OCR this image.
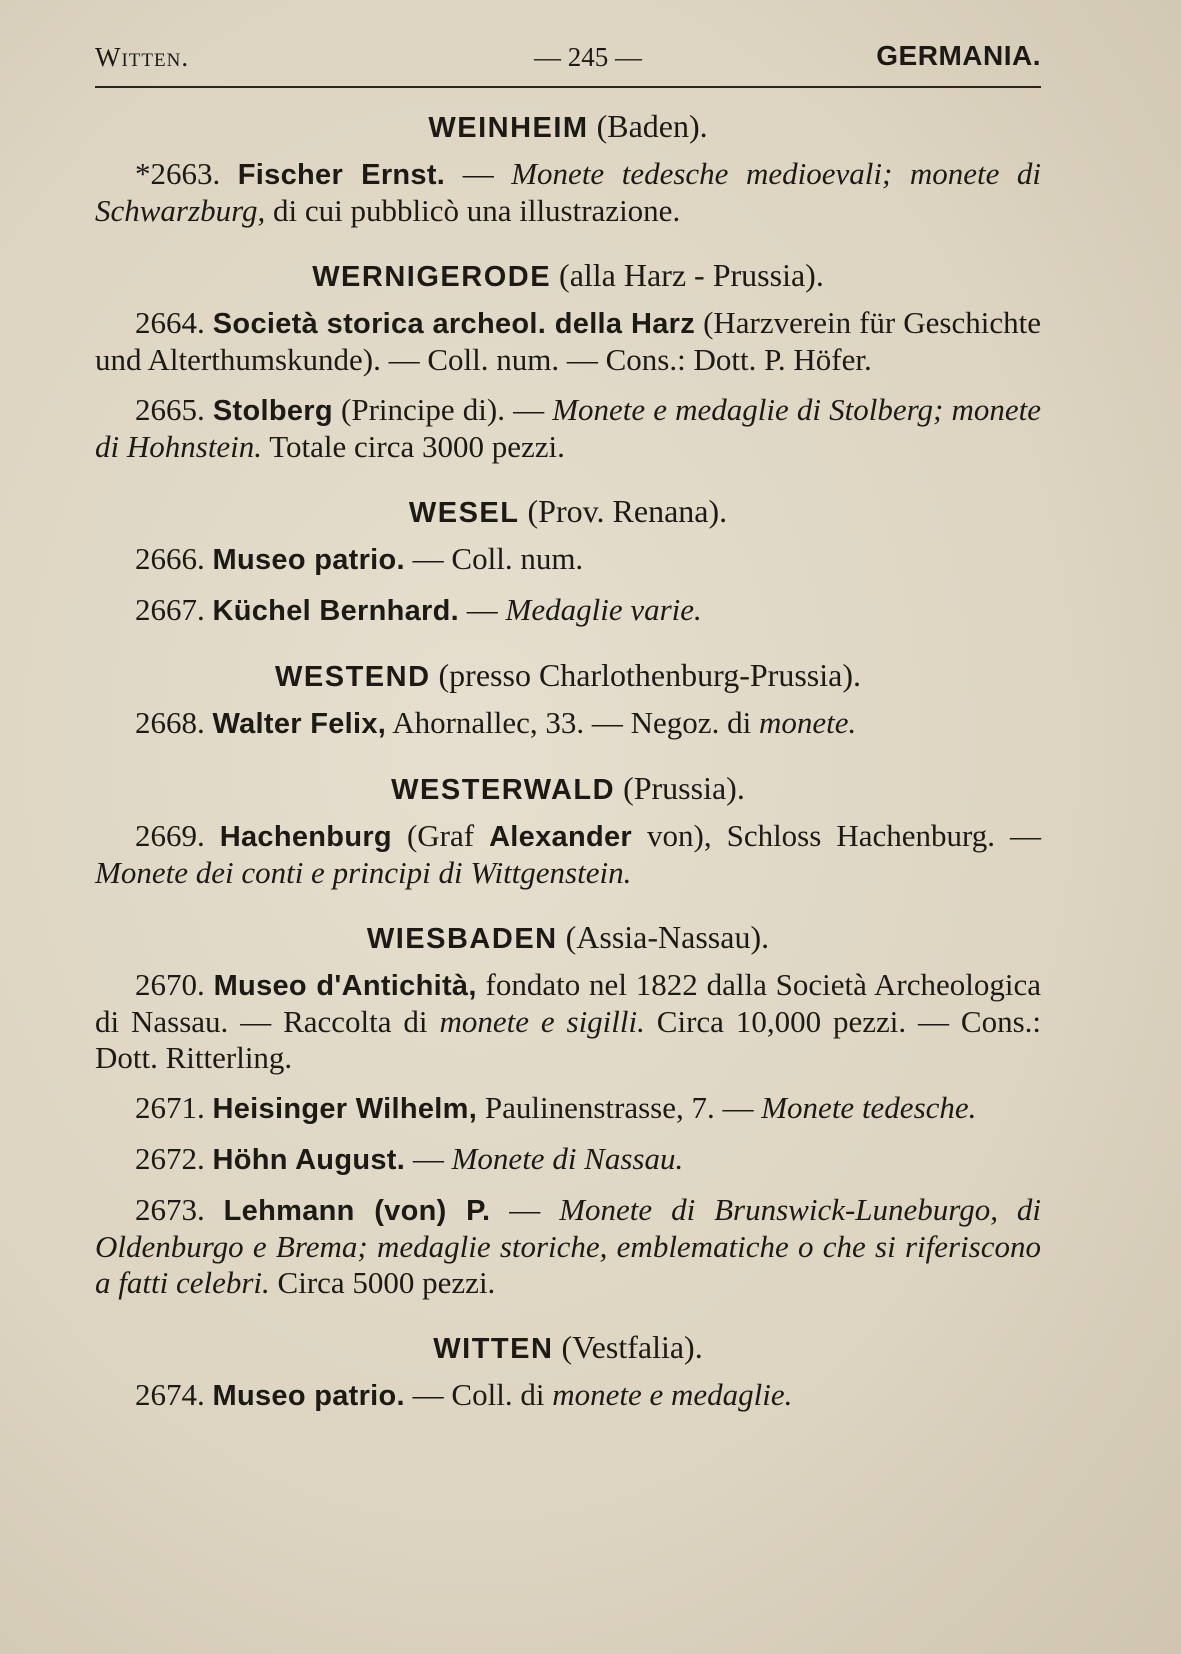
Witten.	— 245 —	GERMANIA.
WEINHEIM (Baden).

*2663. Fischer Ernst. — Monete tedesche medioevali; monete di Schwarzburg, di cui pubblicò una illustrazione.

WERNIGERODE (alla Harz - Prussia).

2664. Società storica archeol. della Harz (Harzverein für Geschichte und Alterthumskunde). — Coll. num. — Cons.: Dott. P. Höfer.

2665. Stolberg (Principe di). — Monete e medaglie di Stolberg; monete di Hohnstein. Totale circa 3000 pezzi.

WESEL (Prov. Renana).

2666. Museo patrio. — Coll. num.

2667. Küchel Bernhard. — Medaglie varie.

WESTEND (presso Charlothenburg-Prussia).

2668. Walter Felix, Ahornallec, 33. — Negoz. di monete.

WESTERWALD (Prussia).

2669. Hachenburg (Graf Alexander von), Schloss Hachenburg. — Monete dei conti e principi di Wittgenstein.

WIESBADEN (Assia-Nassau).

2670. Museo d'Antichità, fondato nel 1822 dalla Società Archeologica di Nassau. — Raccolta di monete e sigilli. Circa 10,000 pezzi. — Cons.: Dott. Ritterling.

2671. Heisinger Wilhelm, Paulinenstrasse, 7. — Monete tedesche.

2672. Höhn August. — Monete di Nassau.

2673. Lehmann (von) P. — Monete di Brunswick-Luneburgo, di Oldenburgo e Brema; medaglie storiche, emblematiche o che si riferiscono a fatti celebri. Circa 5000 pezzi.

WITTEN (Vestfalia).

2674. Museo patrio. — Coll. di monete e medaglie.
